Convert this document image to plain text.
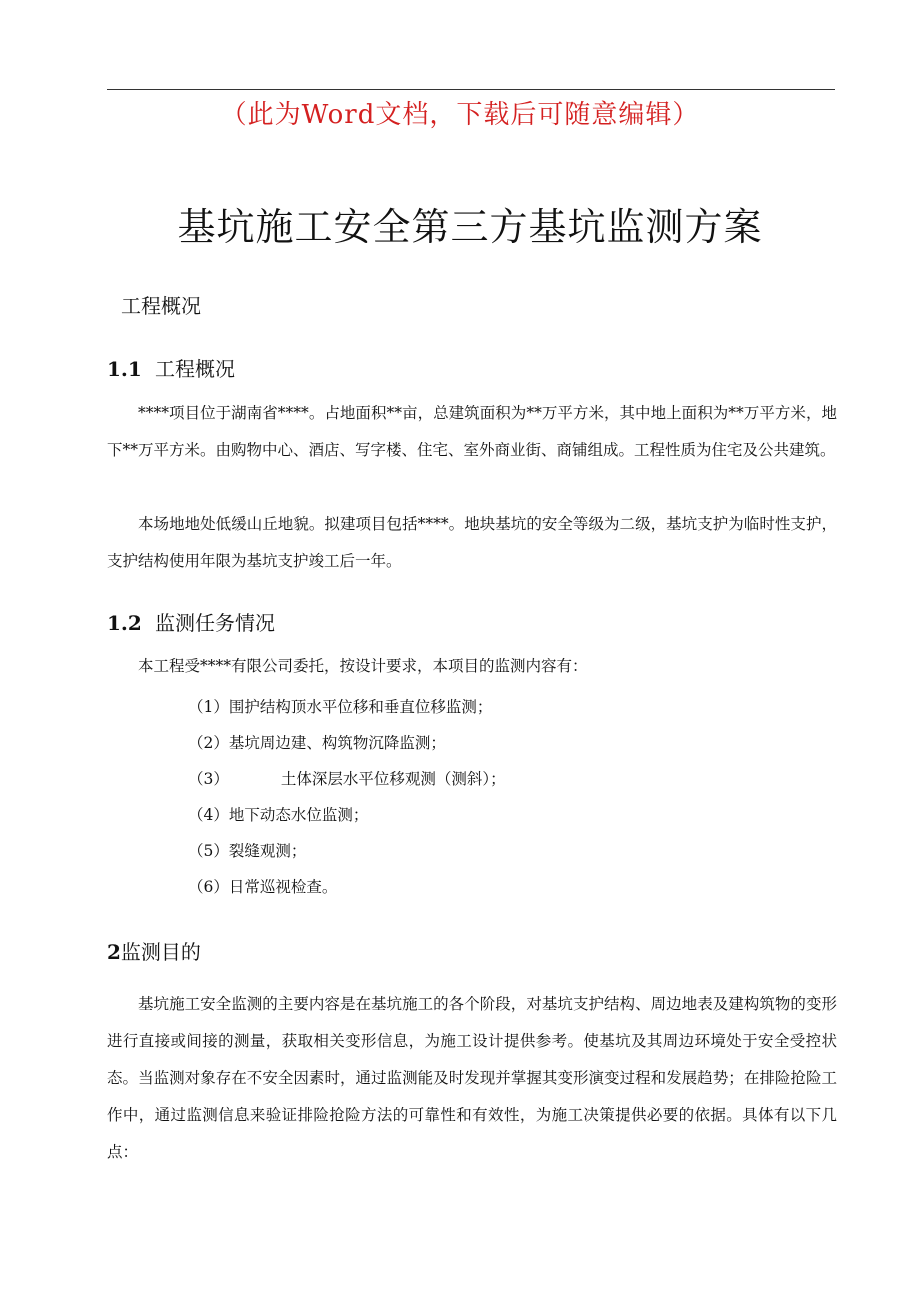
（此为Word文档，下载后可随意编辑）
基坑施工安全第三方基坑监测方案
工程概况
1.1 工程概况

****项目位于湖南省****。占地面积**亩，总建筑面积为**万平方米，其中地上面积为**万平方米，地下**万平方米。由购物中心、酒店、写字楼、住宅、室外商业街、商铺组成。工程性质为住宅及公共建筑。

本场地地处低缓山丘地貌。拟建项目包括****。地块基坑的安全等级为二级，基坑支护为临时性支护，支护结构使用年限为基坑支护竣工后一年。

1.2 监测任务情况

本工程受****有限公司委托，按设计要求，本项目的监测内容有：

（1）围护结构顶水平位移和垂直位移监测；
（2）基坑周边建、构筑物沉降监测；
（3）	土体深层水平位移观测（测斜）；
（4）地下动态水位监测；
（5）裂缝观测；
（6）日常巡视检查。
2监测目的

基坑施工安全监测的主要内容是在基坑施工的各个阶段，对基坑支护结构、周边地表及建构筑物的变形进行直接或间接的测量，获取相关变形信息，为施工设计提供参考。使基坑及其周边环境处于安全受控状态。当监测对象存在不安全因素时，通过监测能及时发现并掌握其变形演变过程和发展趋势；在排险抢险工作中，通过监测信息来验证排险抢险方法的可靠性和有效性，为施工决策提供必要的依据。具体有以下几点：
